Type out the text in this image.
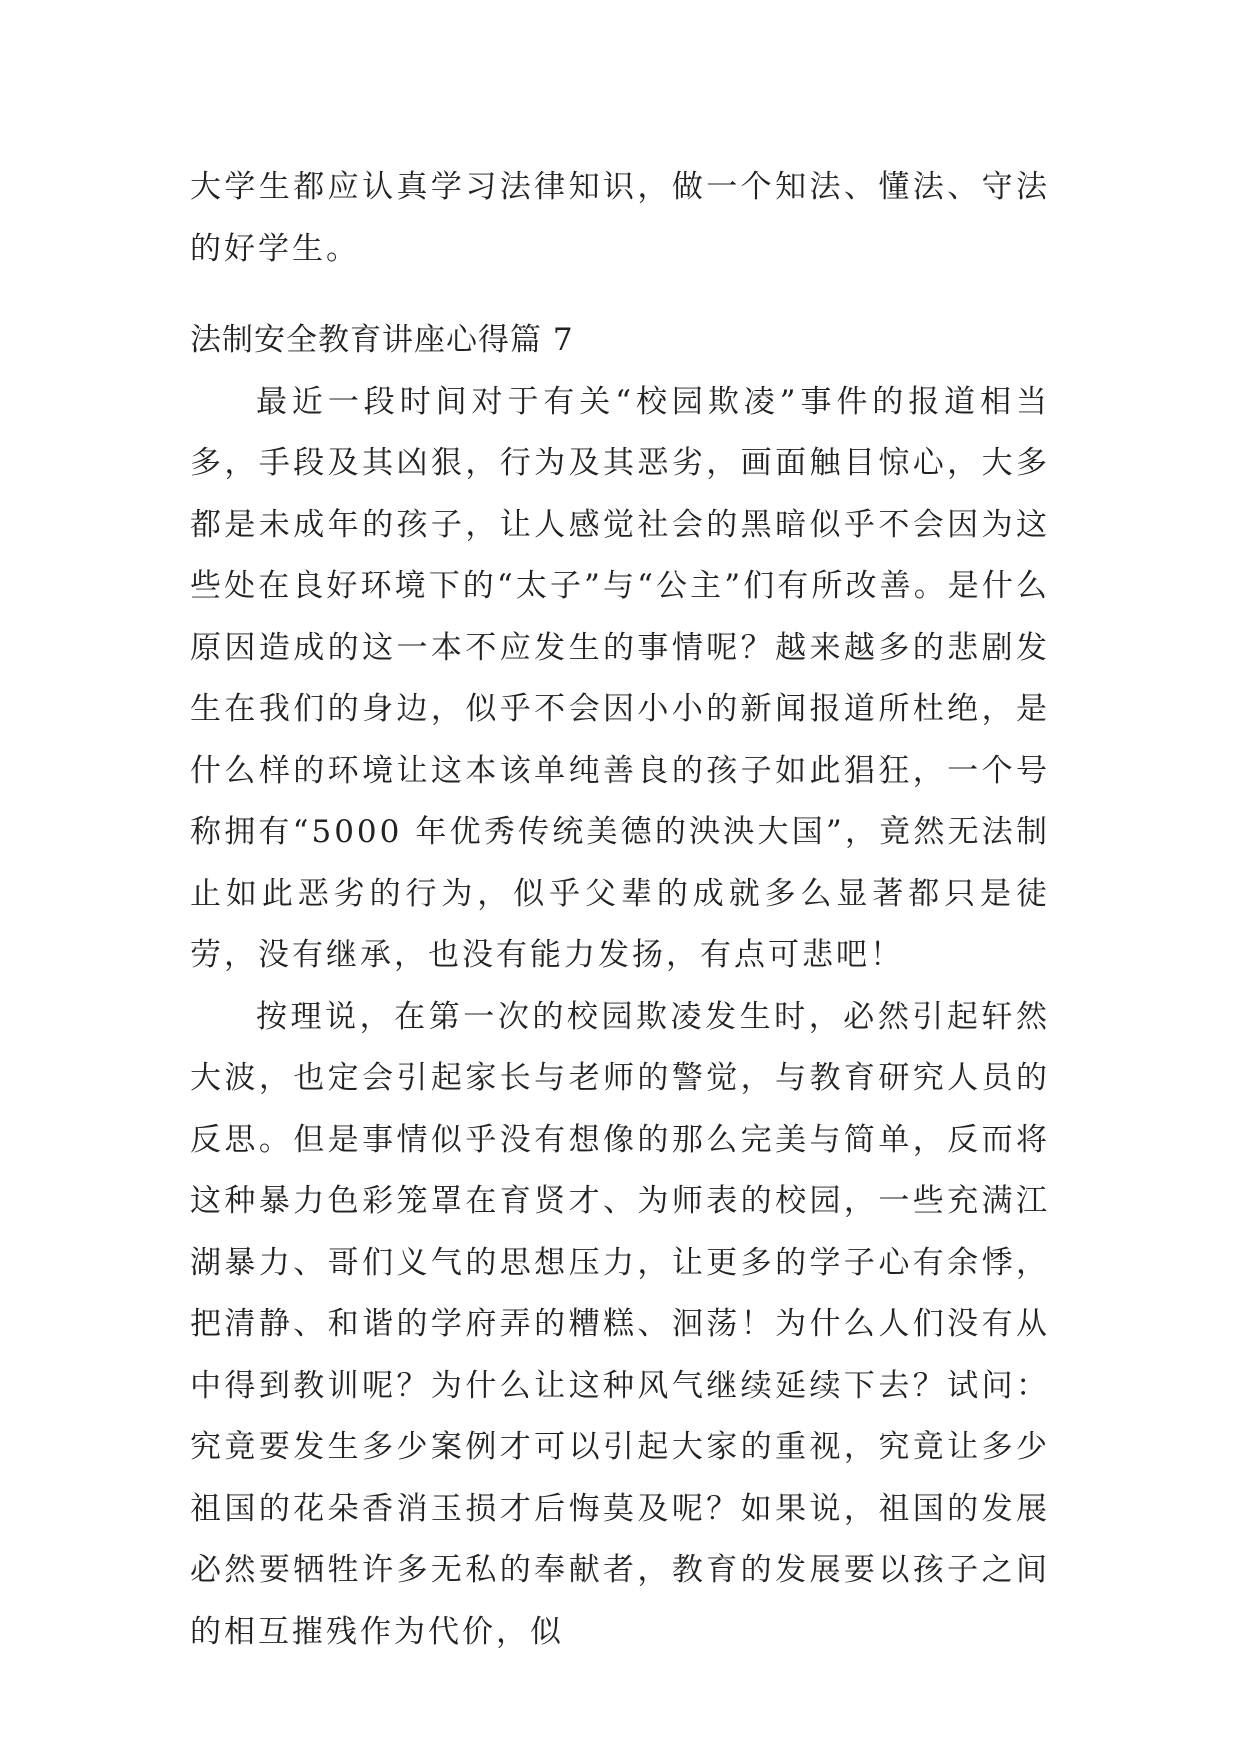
大学生都应认真学习法律知识，做一个知法、懂法、守法的好学生。

法制安全教育讲座心得篇 7

最近一段时间对于有关“校园欺凌”事件的报道相当多，手段及其凶狠，行为及其恶劣，画面触目惊心，大多都是未成年的孩子，让人感觉社会的黑暗似乎不会因为这些处在良好环境下的“太子”与“公主”们有所改善。是什么原因造成的这一本不应发生的事情呢？越来越多的悲剧发生在我们的身边，似乎不会因小小的新闻报道所杜绝，是什么样的环境让这本该单纯善良的孩子如此猖狂，一个号称拥有“5000 年优秀传统美德的泱泱大国”，竟然无法制止如此恶劣的行为，似乎父辈的成就多么显著都只是徒劳，没有继承，也没有能力发扬，有点可悲吧！

按理说，在第一次的校园欺凌发生时，必然引起轩然大波，也定会引起家长与老师的警觉，与教育研究人员的反思。但是事情似乎没有想像的那么完美与简单，反而将这种暴力色彩笼罩在育贤才、为师表的校园，一些充满江湖暴力、哥们义气的思想压力，让更多的学子心有余悸，把清静、和谐的学府弄的糟糕、洄荡！为什么人们没有从中得到教训呢？为什么让这种风气继续延续下去？试问：究竟要发生多少案例才可以引起大家的重视，究竟让多少祖国的花朵香消玉损才后悔莫及呢？如果说，祖国的发展必然要牺牲许多无私的奉献者，教育的发展要以孩子之间的相互摧残作为代价，似
